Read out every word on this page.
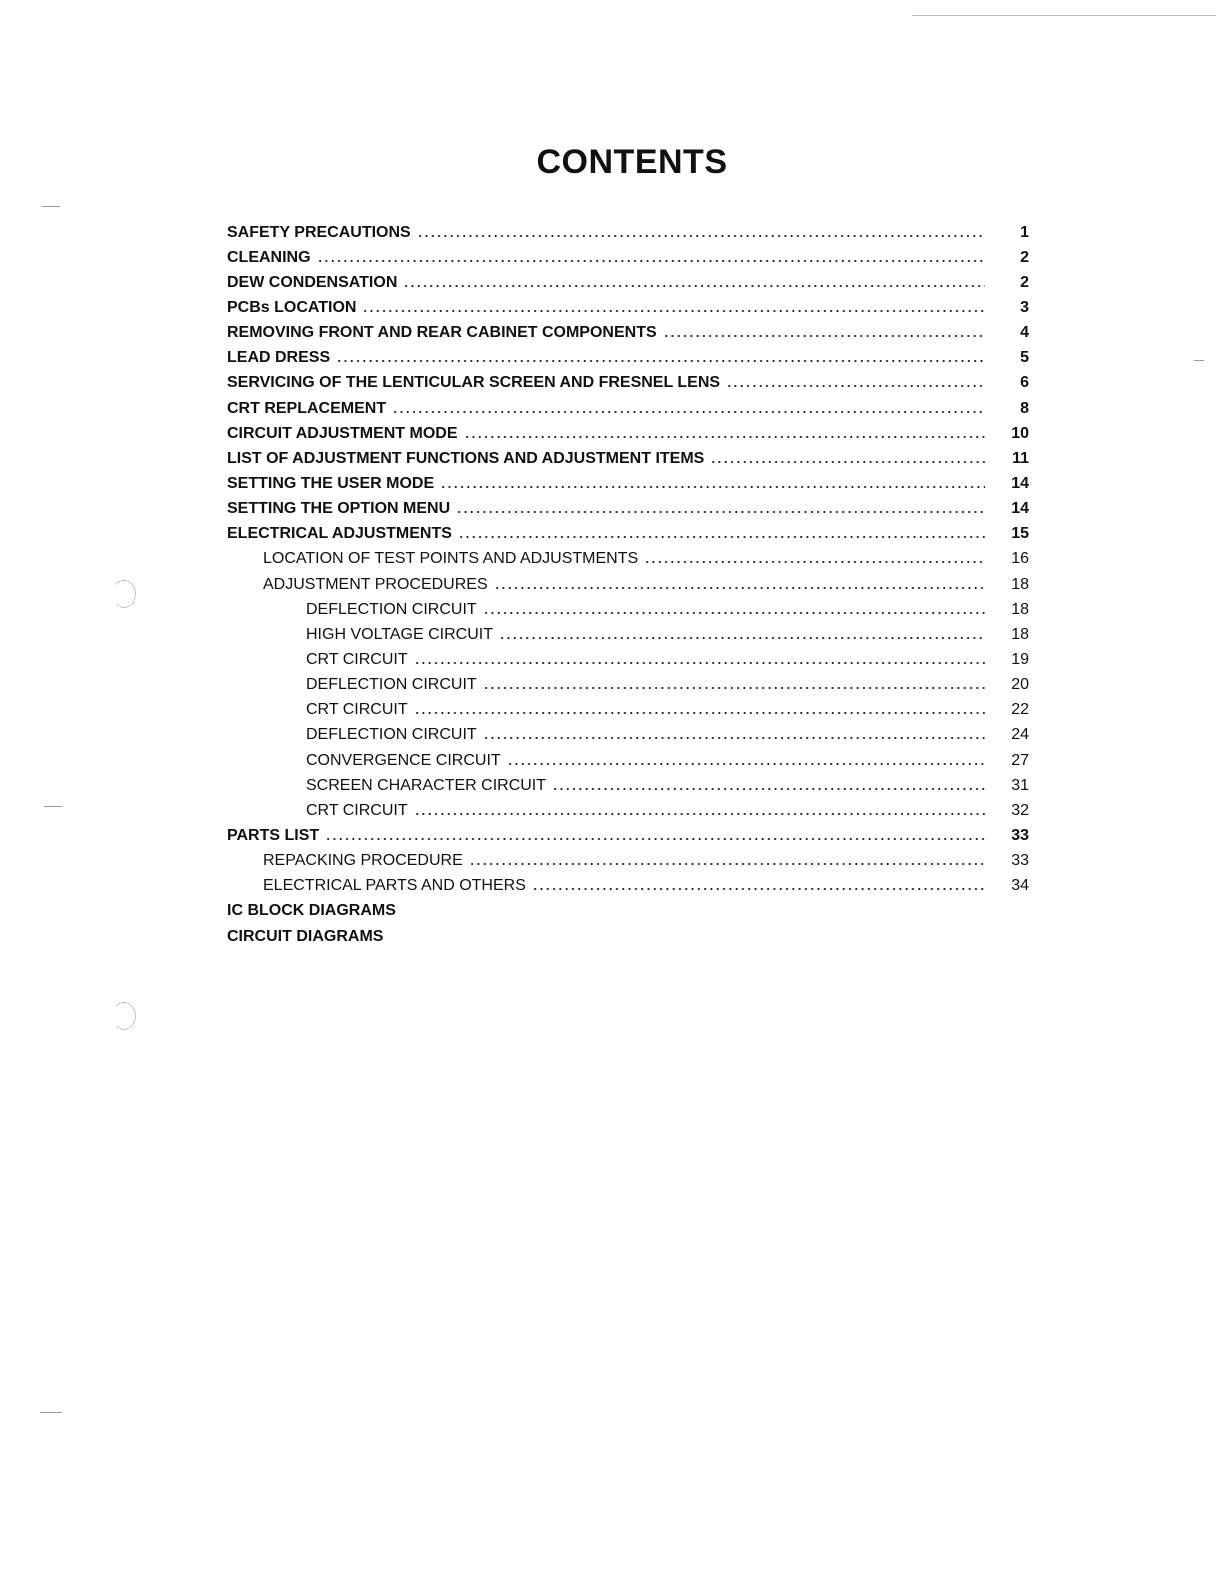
CONTENTS
SAFETY PRECAUTIONS	1
CLEANING	2
DEW CONDENSATION	2
PCBs LOCATION	3
REMOVING FRONT AND REAR CABINET COMPONENTS	4
LEAD DRESS	5
SERVICING OF THE LENTICULAR SCREEN AND FRESNEL LENS	6
CRT REPLACEMENT	8
CIRCUIT ADJUSTMENT MODE	10
LIST OF ADJUSTMENT FUNCTIONS AND ADJUSTMENT ITEMS	11
SETTING THE USER MODE	14
SETTING THE OPTION MENU	14
ELECTRICAL ADJUSTMENTS	15
LOCATION OF TEST POINTS AND ADJUSTMENTS	16
ADJUSTMENT PROCEDURES	18
DEFLECTION CIRCUIT	18
HIGH VOLTAGE CIRCUIT	18
CRT CIRCUIT	19
DEFLECTION CIRCUIT	20
CRT CIRCUIT	22
DEFLECTION CIRCUIT	24
CONVERGENCE CIRCUIT	27
SCREEN CHARACTER CIRCUIT	31
CRT CIRCUIT	32
PARTS LIST	33
REPACKING PROCEDURE	33
ELECTRICAL PARTS AND OTHERS	34
IC BLOCK DIAGRAMS
CIRCUIT DIAGRAMS
